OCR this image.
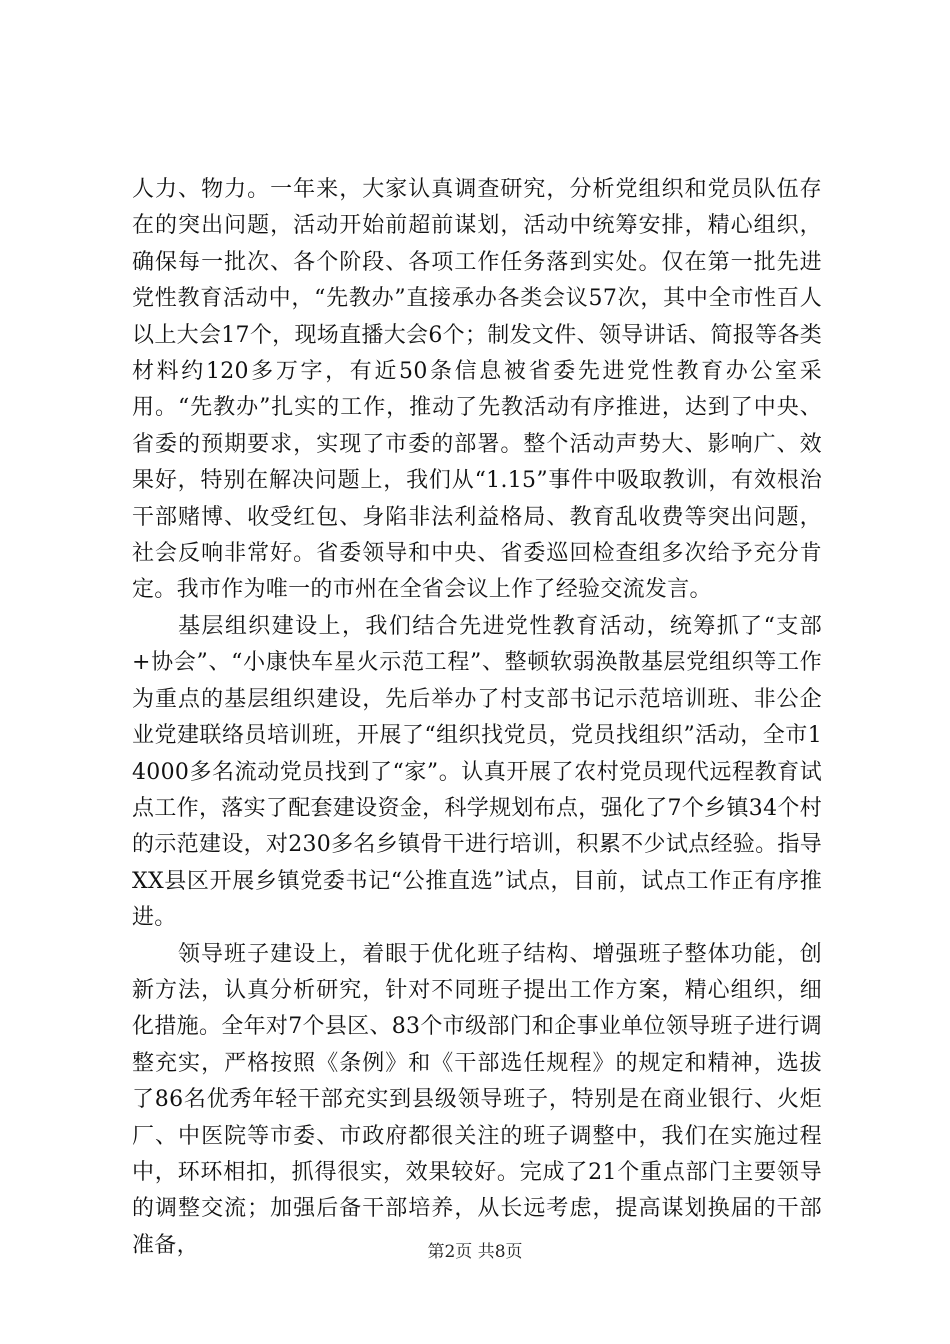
人力、物力。一年来，大家认真调查研究，分析党组织和党员队伍存在的突出问题，活动开始前超前谋划，活动中统筹安排，精心组织，确保每一批次、各个阶段、各项工作任务落到实处。仅在第一批先进党性教育活动中，“先教办”直接承办各类会议57次，其中全市性百人以上大会17个，现场直播大会6个；制发文件、领导讲话、简报等各类材料约120多万字，有近50条信息被省委先进党性教育办公室采用。“先教办”扎实的工作，推动了先教活动有序推进，达到了中央、省委的预期要求，实现了市委的部署。整个活动声势大、影响广、效果好，特别在解决问题上，我们从“1.15”事件中吸取教训，有效根治干部赌博、收受红包、身陷非法利益格局、教育乱收费等突出问题，社会反响非常好。省委领导和中央、省委巡回检查组多次给予充分肯定。我市作为唯一的市州在全省会议上作了经验交流发言。

基层组织建设上，我们结合先进党性教育活动，统筹抓了“支部+协会”、“小康快车星火示范工程”、整顿软弱涣散基层党组织等工作为重点的基层组织建设，先后举办了村支部书记示范培训班、非公企业党建联络员培训班，开展了“组织找党员，党员找组织”活动，全市14000多名流动党员找到了“家”。认真开展了农村党员现代远程教育试点工作，落实了配套建设资金，科学规划布点，强化了7个乡镇34个村的示范建设，对230多名乡镇骨干进行培训，积累不少试点经验。指导XX县区开展乡镇党委书记“公推直选”试点，目前，试点工作正有序推进。

领导班子建设上，着眼于优化班子结构、增强班子整体功能，创新方法，认真分析研究，针对不同班子提出工作方案，精心组织，细化措施。全年对7个县区、83个市级部门和企事业单位领导班子进行调整充实，严格按照《条例》和《干部选任规程》的规定和精神，选拔了86名优秀年轻干部充实到县级领导班子，特别是在商业银行、火炬厂、中医院等市委、市政府都很关注的班子调整中，我们在实施过程中，环环相扣，抓得很实，效果较好。完成了21个重点部门主要领导的调整交流；加强后备干部培养，从长远考虑，提高谋划换届的干部准备，	第2页 共8页
